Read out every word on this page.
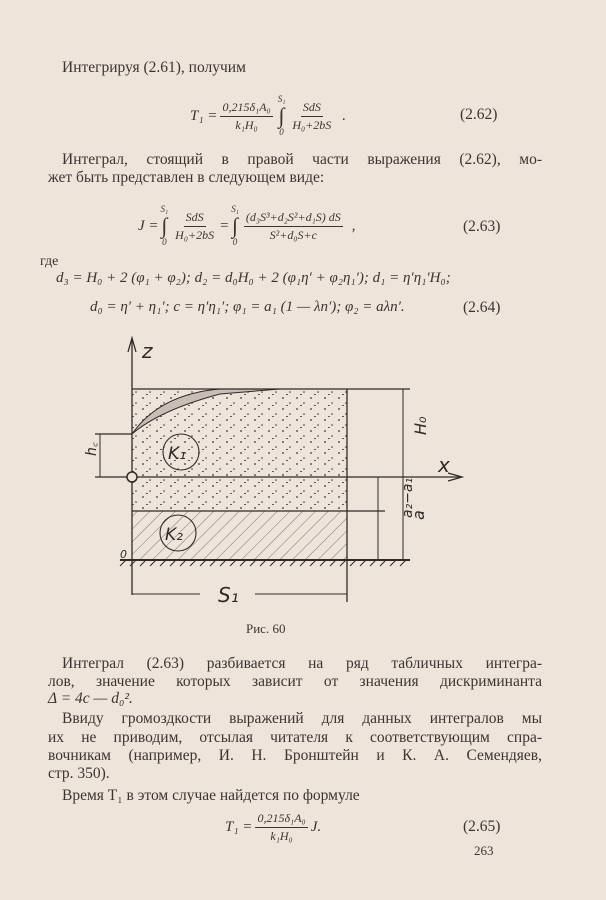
Интегрируя (2.61), получим
$T_1 = \frac{\text{0,215δ₁A₀}}{\text{k₁H₀}}$
S₁
∫
0
SdS
H₀+2bS
.	(2.62)
Интеграл, стоящий в правой части выражения (2.62), мо-
жет быть представлен в следующем виде:
J =
S₁
∫
0
SdS
H₀+2bS
=
S₁
∫
$0 \frac{\text{(d₃S³+d₂S²+d₁S) dS}}{\text{S²+d₀S+c}}$ ,	(2.63)
где
d₃ = H₀ + 2 (φ₁ + φ₂); d₂ = d₀H₀ + 2 (φ₁η′ + φ₂η₁′); d₁ = η′η₁′H₀;
d₀ = η′ + η₁′; c = η′η₁′; φ₁ = a₁ (1 — λn′); φ₂ = aλn′.	(2.64)
z
x
K₁
K₂
0
h꜀
H₀
a
a₂−a₁
S₁
Рис. 60
Интеграл (2.63) разбивается на ряд табличных интегра-
лов, значение которых зависит от значения дискриминанта
Δ = 4c — d₀².
Ввиду громоздкости выражений для данных интегралов мы
их не приводим, отсылая читателя к соответствующим спра-
вочникам (например, И. Н. Бронштейн и К. А. Семендяев,
стр. 350).
Время T₁ в этом случае найдется по формуле
$T_1 = \frac{\text{0,215δ₁A₀}}{\text{k₁H₀}} J$.	(2.65)
263
